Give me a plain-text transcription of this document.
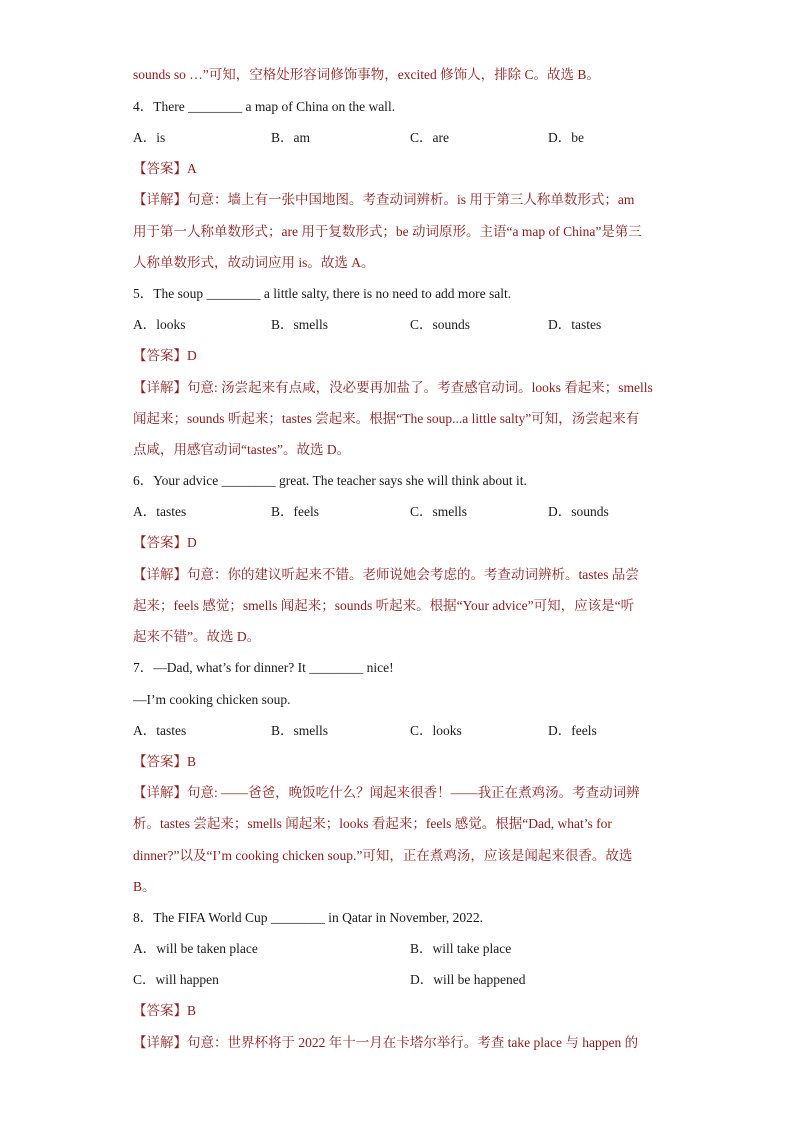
sounds so …”可知，空格处形容词修饰事物，excited 修饰人，排除 C。故选 B。
4．There ________ a map of China on the wall.
A．is	B．am	C．are	D．be
【答案】A
【详解】句意：墙上有一张中国地图。考查动词辨析。is 用于第三人称单数形式；am
用于第一人称单数形式；are 用于复数形式；be 动词原形。主语“a map of China”是第三
人称单数形式，故动词应用 is。故选 A。
5．The soup ________ a little salty, there is no need to add more salt.
A．looks	B．smells	C．sounds	D．tastes
【答案】D
【详解】句意: 汤尝起来有点咸，没必要再加盐了。考查感官动词。looks 看起来；smells
闻起来；sounds 听起来；tastes 尝起来。根据“The soup...a little salty”可知，汤尝起来有
点咸，用感官动词“tastes”。故选 D。
6．Your advice ________ great. The teacher says she will think about it.
A．tastes	B．feels	C．smells	D．sounds
【答案】D
【详解】句意：你的建议听起来不错。老师说她会考虑的。考查动词辨析。tastes 品尝
起来；feels 感觉；smells 闻起来；sounds 听起来。根据“Your advice”可知，应该是“听
起来不错”。故选 D。
7．—Dad, what’s for dinner? It ________ nice!
—I’m cooking chicken soup.
A．tastes	B．smells	C．looks	D．feels
【答案】B
【详解】句意: ——爸爸，晚饭吃什么？闻起来很香！——我正在煮鸡汤。考查动词辨
析。tastes 尝起来；smells 闻起来；looks 看起来；feels 感觉。根据“Dad, what’s for
dinner?”以及“I’m cooking chicken soup.”可知，正在煮鸡汤，应该是闻起来很香。故选
B。
8．The FIFA World Cup ________ in Qatar in November, 2022.
A．will be taken place	B．will take place
C．will happen	D．will be happened
【答案】B
【详解】句意：世界杯将于 2022 年十一月在卡塔尔举行。考查 take place 与 happen 的
